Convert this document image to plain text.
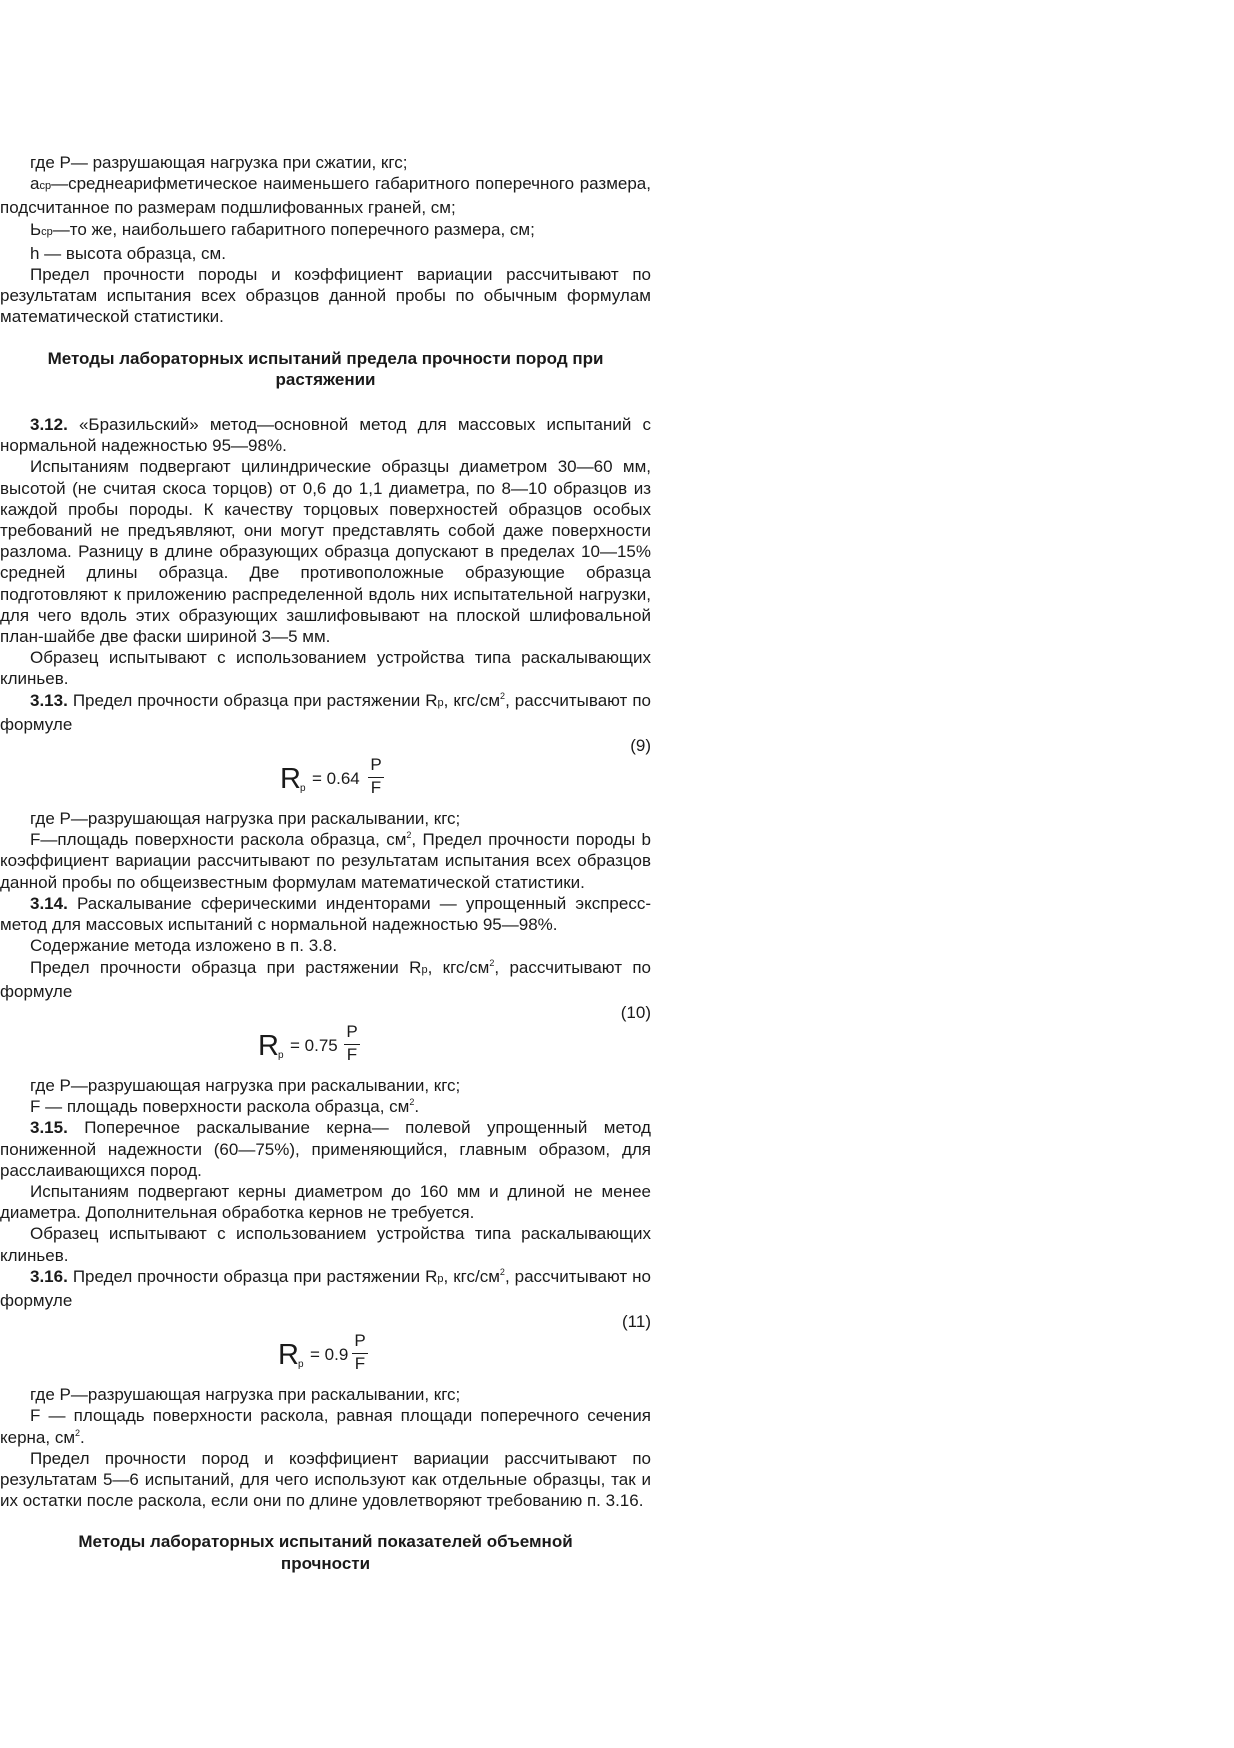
где Р— разрушающая нагрузка при сжатии, кгс;

aср—среднеарифметическое наименьшего габаритного поперечного размера, подсчитанное по размерам подшлифованных граней, см;

Ьср—то же, наибольшего габаритного поперечного размера, см;

h — высота образца, см.

Предел прочности породы и коэффициент вариации рассчитывают по результатам испытания всех образцов данной пробы по обычным формулам математической статистики.

Методы лабораторных испытаний предела прочности пород при растяжении

3.12. «Бразильский» метод—основной метод для массовых испытаний с нормальной надежностью 95—98%.

Испытаниям подвергают цилиндрические образцы диаметром 30—60 мм, высотой (не считая скоса торцов) от 0,6 до 1,1 диаметра, по 8—10 образцов из каждой пробы породы. К качеству торцовых поверхностей образцов особых требований не предъявляют, они могут представлять собой даже поверхности разлома. Разницу в длине образующих образца допускают в пределах 10—15% средней длины образца. Две противоположные образующие образца подготовляют к приложению распределенной вдоль них испытательной нагрузки, для чего вдоль этих образующих зашлифовывают на плоской шлифовальной план-шайбе две фаски шириной 3—5 мм.

Образец испытывают с использованием устройства типа раскалывающих клиньев.

3.13. Предел прочности образца при растяжении Rр, кгс/$см^2$, рассчитывают по формуле

(9)

R р
= 0.64
P
F

где Р—разрушающая нагрузка при раскалывании, кгс;

F—площадь поверхности раскола образца, $см^2$, Предел прочности породы b коэффициент вариации рассчитывают по результатам испытания всех образцов данной пробы по общеизвестным формулам математической статистики.

3.14. Раскалывание сферическими инденторами — упрощенный экспресс-метод для массовых испытаний с нормальной надежностью 95—98%.

Содержание метода изложено в п. 3.8.

Предел прочности образца при растяжении Rр, кгс/$см^2$, рассчитывают по формуле

(10)

R р
= 0.75
P
F

где Р—разрушающая нагрузка при раскалывании, кгс;

F — площадь поверхности раскола образца, $см^2$.

3.15. Поперечное раскалывание керна— полевой упрощенный метод пониженной надежности (60—75%), применяющийся, главным образом, для расслаивающихся пород.

Испытаниям подвергают керны диаметром до 160 мм и длиной не менее диаметра. Дополнительная обработка кернов не требуется.

Образец испытывают с использованием устройства типа раскалывающих клиньев.

3.16. Предел прочности образца при растяжении Rр, кгс/$см^2$, рассчитывают но формуле

(11)

R р
= 0.9
P
F

где Р—разрушающая нагрузка при раскалывании, кгс;

F — площадь поверхности раскола, равная площади поперечного сечения керна, $см^2$.

Предел прочности пород и коэффициент вариации рассчитывают по результатам 5—6 испытаний, для чего используют как отдельные образцы, так и их остатки после раскола, если они по длине удовлетворяют требованию п. 3.16.

Методы лабораторных испытаний показателей объемной прочности
